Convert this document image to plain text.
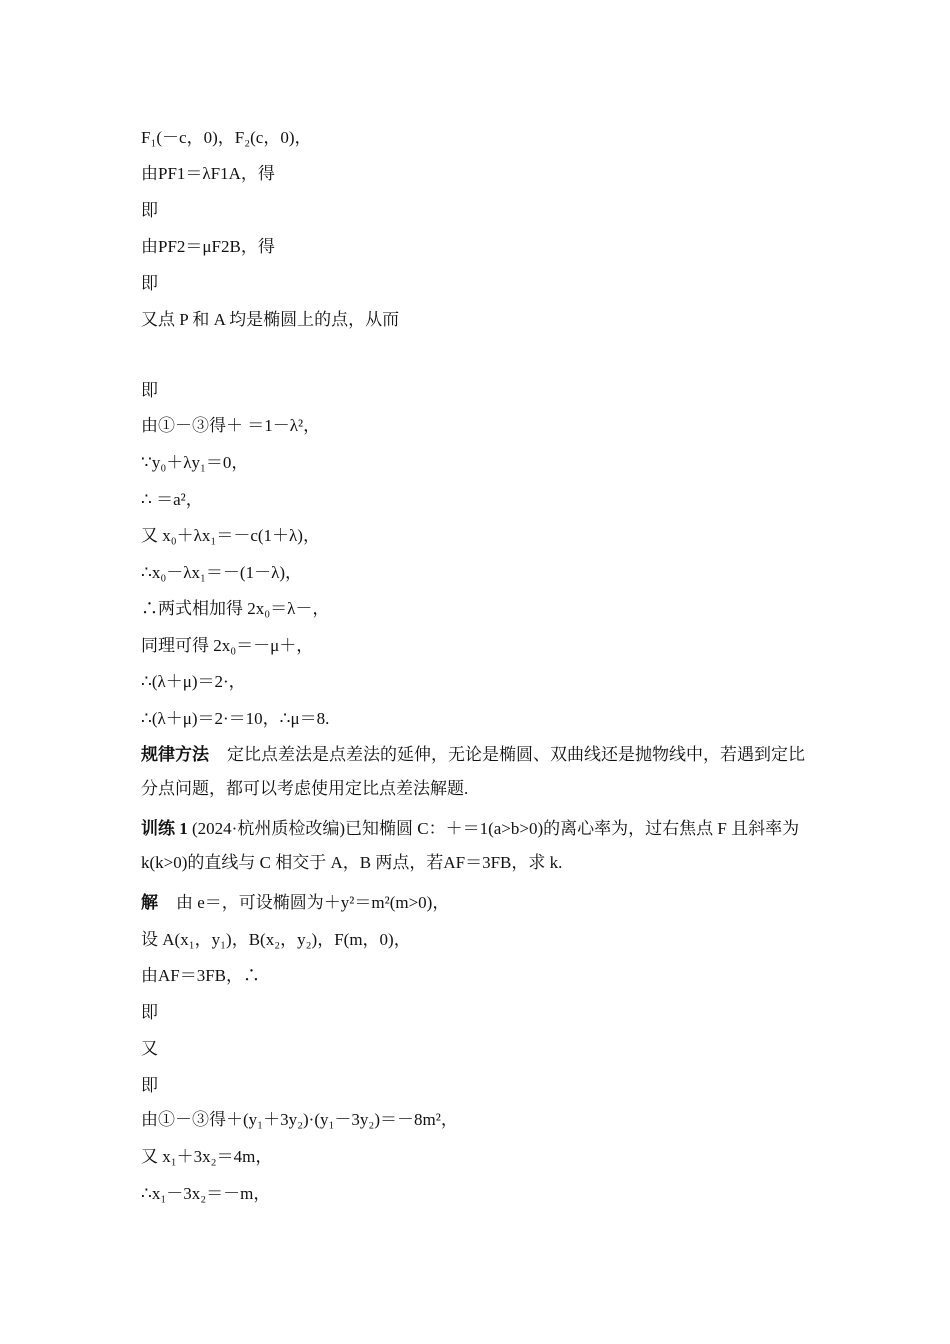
F₁(－c，0)，F₂(c，0)，
由PF1＝λF1A，得
即
由PF2＝μF2B，得
即
又点 P 和 A 均是椭圆上的点，从而
即
由①－③得＋ ＝1－λ²，
∵y₀＋λy₁＝0，
∴ ＝a²，
又 x₀＋λx₁＝－c(1＋λ)，
∴x₀－λx₁＝－(1－λ)，
∴两式相加得 2x₀＝λ－，
同理可得 2x₀＝－μ＋，
∴(λ＋μ)＝2·，
∴(λ＋μ)＝2·＝10，∴μ＝8.
规律方法 定比点差法是点差法的延伸，无论是椭圆、双曲线还是抛物线中，若遇到定比分点问题，都可以考虑使用定比点差法解题.
训练 1 (2024·杭州质检改编)已知椭圆 C：＋＝1(a>b>0)的离心率为，过右焦点 F 且斜率为 k(k>0)的直线与 C 相交于 A，B 两点，若AF＝3FB，求 k.
解 由 e＝，可设椭圆为＋y²＝m²(m>0)，
设 A(x₁，y₁)，B(x₂，y₂)，F(m，0)，
由AF＝3FB，∴
即
又
即
由①－③得＋(y₁＋3y₂)·(y₁－3y₂)＝－8m²，
又 x₁＋3x₂＝4m，
∴x₁－3x₂＝－m，
